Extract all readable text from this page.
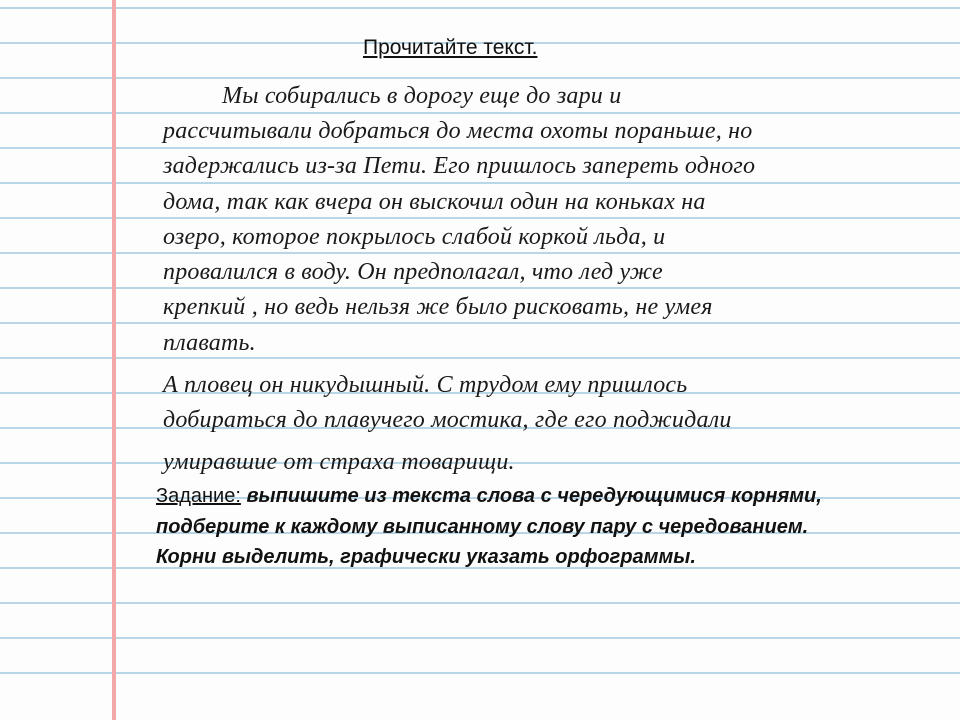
Прочитайте текст.
Мы собирались в дорогу еще до зари и
рассчитывали добраться до места охоты пораньше, но
задержались из-за Пети. Его пришлось запереть одного
дома, так как вчера он выскочил один на коньках на
озеро, которое покрылось слабой коркой льда, и
провалился в воду. Он предполагал, что лед уже
крепкий , но ведь нельзя же было рисковать, не умея
плавать.
А пловец он никудышный. С трудом ему пришлось
добираться до плавучего мостика, где его поджидали
умиравшие от страха товарищи.
Задание: выпишите из текста слова с чередующимися корнями,
подберите к каждому выписанному слову пару с чередованием.
Корни выделить, графически указать орфограммы.
